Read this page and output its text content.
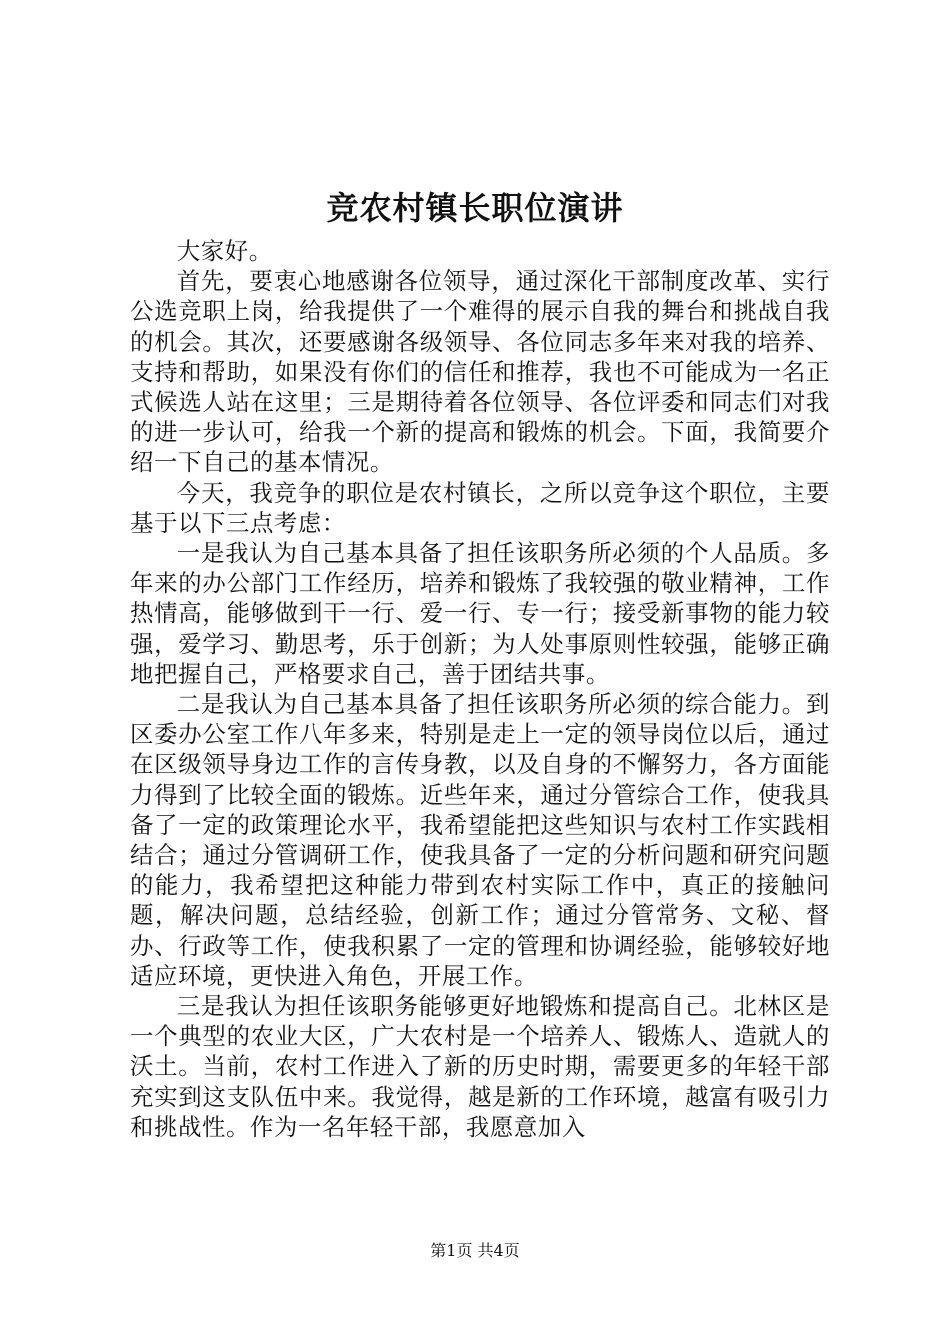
竞农村镇长职位演讲

大家好。

首先，要衷心地感谢各位领导，通过深化干部制度改革、实行公选竞职上岗，给我提供了一个难得的展示自我的舞台和挑战自我的机会。其次，还要感谢各级领导、各位同志多年来对我的培养、支持和帮助，如果没有你们的信任和推荐，我也不可能成为一名正式候选人站在这里；三是期待着各位领导、各位评委和同志们对我的进一步认可，给我一个新的提高和锻炼的机会。下面，我简要介绍一下自己的基本情况。

今天，我竞争的职位是农村镇长，之所以竞争这个职位，主要基于以下三点考虑：

一是我认为自己基本具备了担任该职务所必须的个人品质。多年来的办公部门工作经历，培养和锻炼了我较强的敬业精神，工作热情高，能够做到干一行、爱一行、专一行；接受新事物的能力较强，爱学习、勤思考，乐于创新；为人处事原则性较强，能够正确地把握自己，严格要求自己，善于团结共事。

二是我认为自己基本具备了担任该职务所必须的综合能力。到区委办公室工作八年多来，特别是走上一定的领导岗位以后，通过在区级领导身边工作的言传身教，以及自身的不懈努力，各方面能力得到了比较全面的锻炼。近些年来，通过分管综合工作，使我具备了一定的政策理论水平，我希望能把这些知识与农村工作实践相结合；通过分管调研工作，使我具备了一定的分析问题和研究问题的能力，我希望把这种能力带到农村实际工作中，真正的接触问题，解决问题，总结经验，创新工作；通过分管常务、文秘、督办、行政等工作，使我积累了一定的管理和协调经验，能够较好地适应环境，更快进入角色，开展工作。

三是我认为担任该职务能够更好地锻炼和提高自己。北林区是一个典型的农业大区，广大农村是一个培养人、锻炼人、造就人的沃土。当前，农村工作进入了新的历史时期，需要更多的年轻干部充实到这支队伍中来。我觉得，越是新的工作环境，越富有吸引力和挑战性。作为一名年轻干部，我愿意加入

第1页 共4页
